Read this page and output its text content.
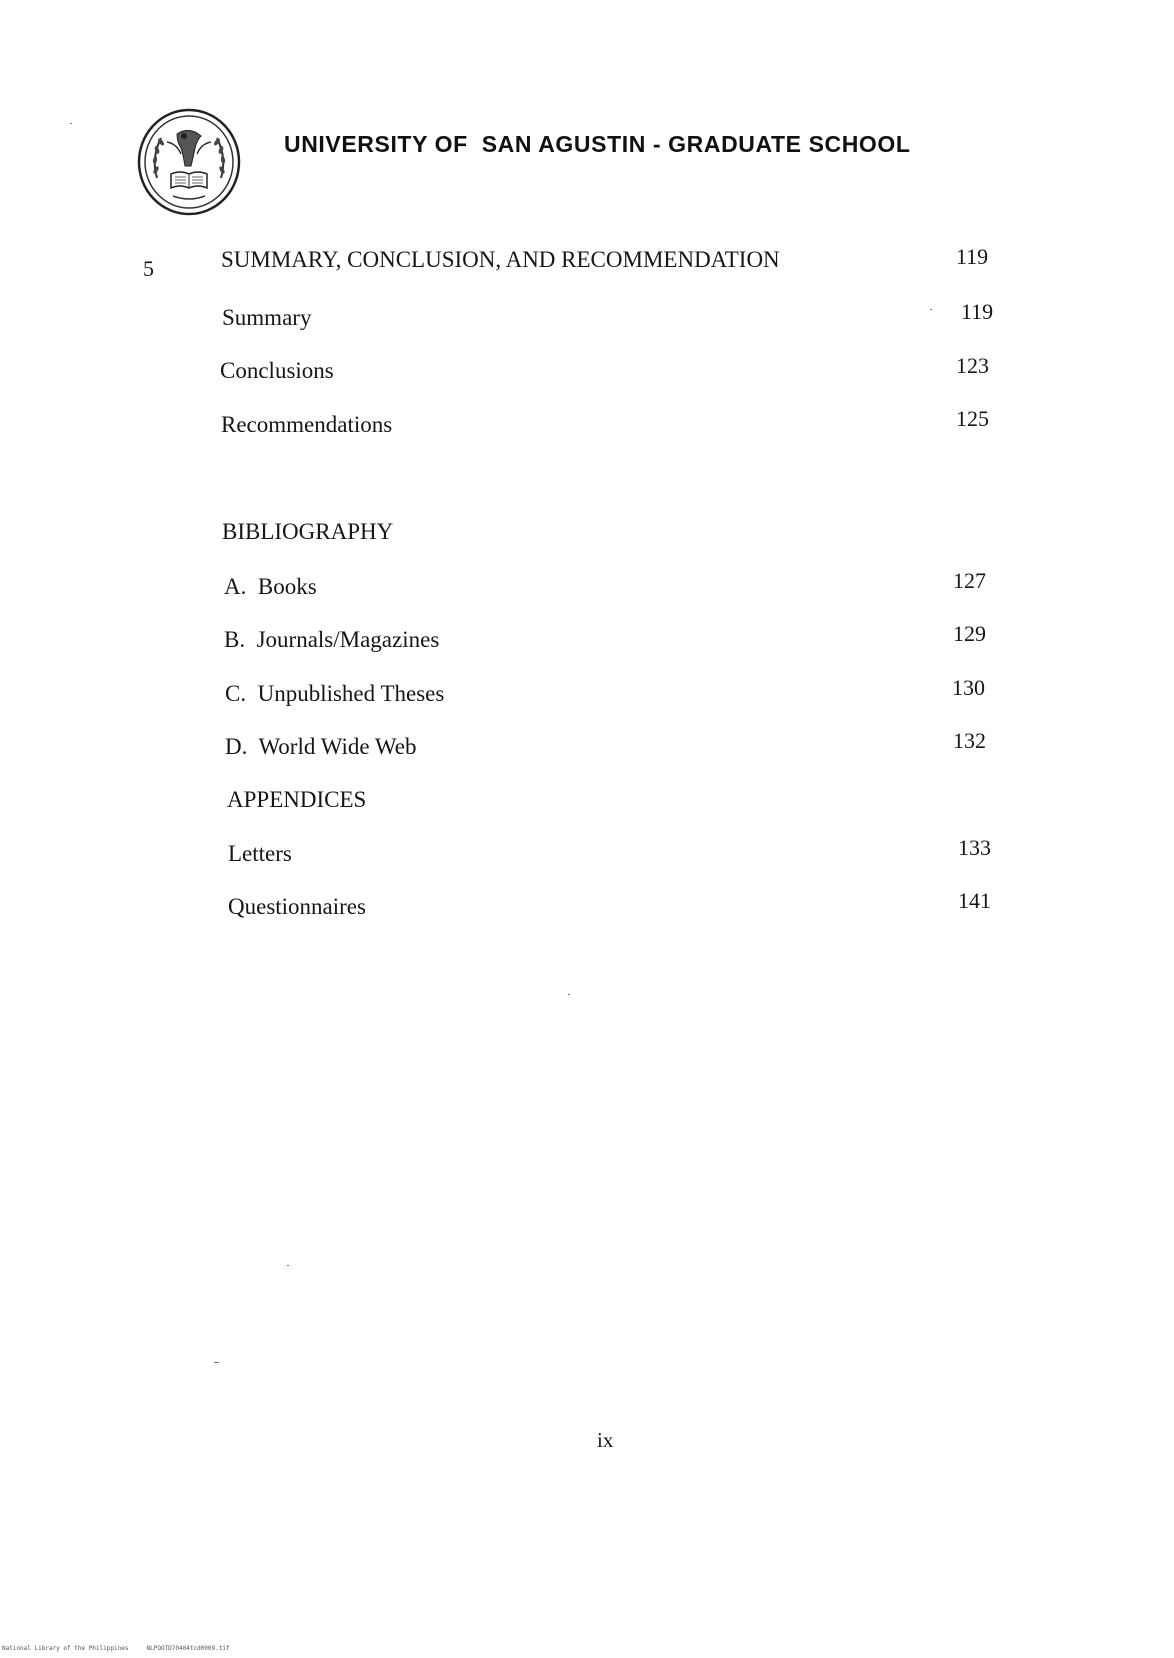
UNIVERSITY OF  SAN AGUSTIN - GRADUATE SCHOOL
5	SUMMARY, CONCLUSION, AND RECOMMENDATION	119
Summary	119
Conclusions	123
Recommendations	125
BIBLIOGRAPHY
A.  Books	127
B.  Journals/Magazines	129
C.  Unpublished Theses	130
D.  World Wide Web	132
APPENDICES
Letters	133
Questionnaires	141
ix
National Library of the Philippines     NLPOOTD70404tcd0009.tif
